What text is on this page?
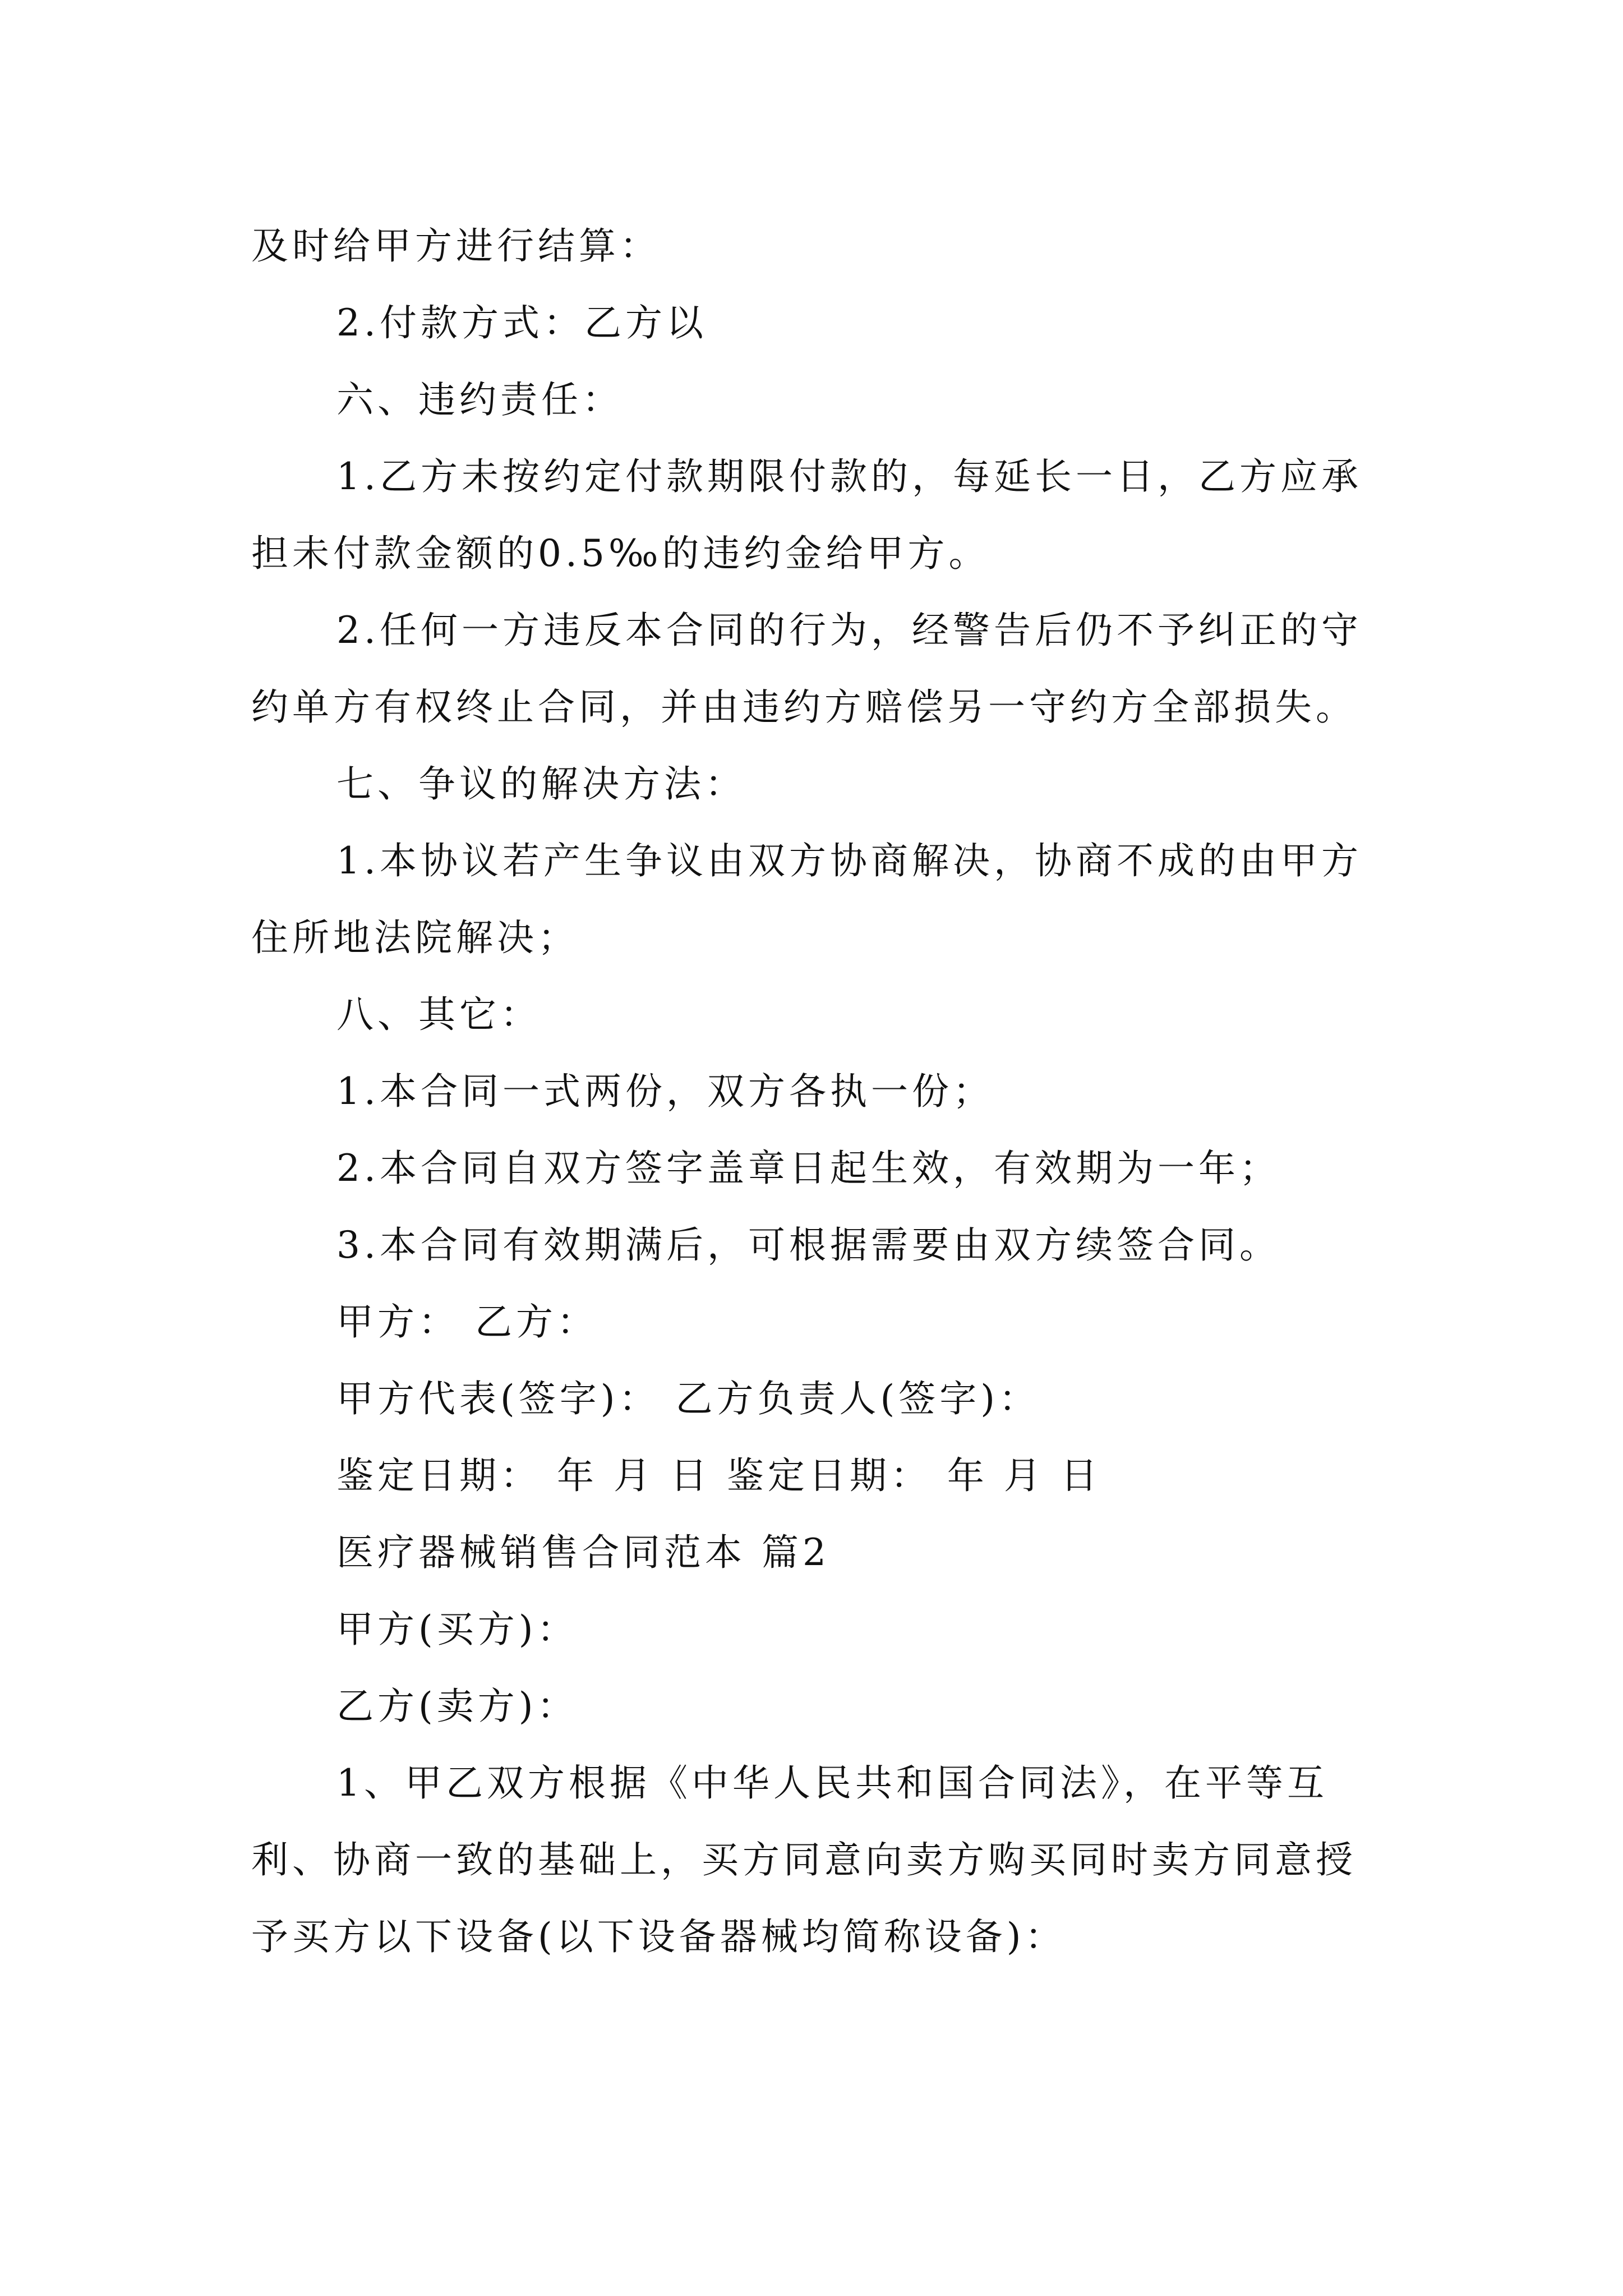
及时给甲方进行结算：

2.付款方式：乙方以

六、违约责任：

1.乙方未按约定付款期限付款的，每延长一日，乙方应承担未付款金额的0.5‰的违约金给甲方。

2.任何一方违反本合同的行为，经警告后仍不予纠正的守约单方有权终止合同，并由违约方赔偿另一守约方全部损失。

七、争议的解决方法：

1.本协议若产生争议由双方协商解决，协商不成的由甲方住所地法院解决；

八、其它：

1.本合同一式两份，双方各执一份；

2.本合同自双方签字盖章日起生效，有效期为一年；

3.本合同有效期满后，可根据需要由双方续签合同。

甲方： 乙方：

甲方代表(签字)： 乙方负责人(签字)：

鉴定日期： 年 月 日 鉴定日期： 年 月 日

医疗器械销售合同范本 篇2

甲方(买方)：

乙方(卖方)：

1、甲乙双方根据《中华人民共和国合同法》，在平等互利、协商一致的基础上，买方同意向卖方购买同时卖方同意授予买方以下设备(以下设备器械均简称设备)：
